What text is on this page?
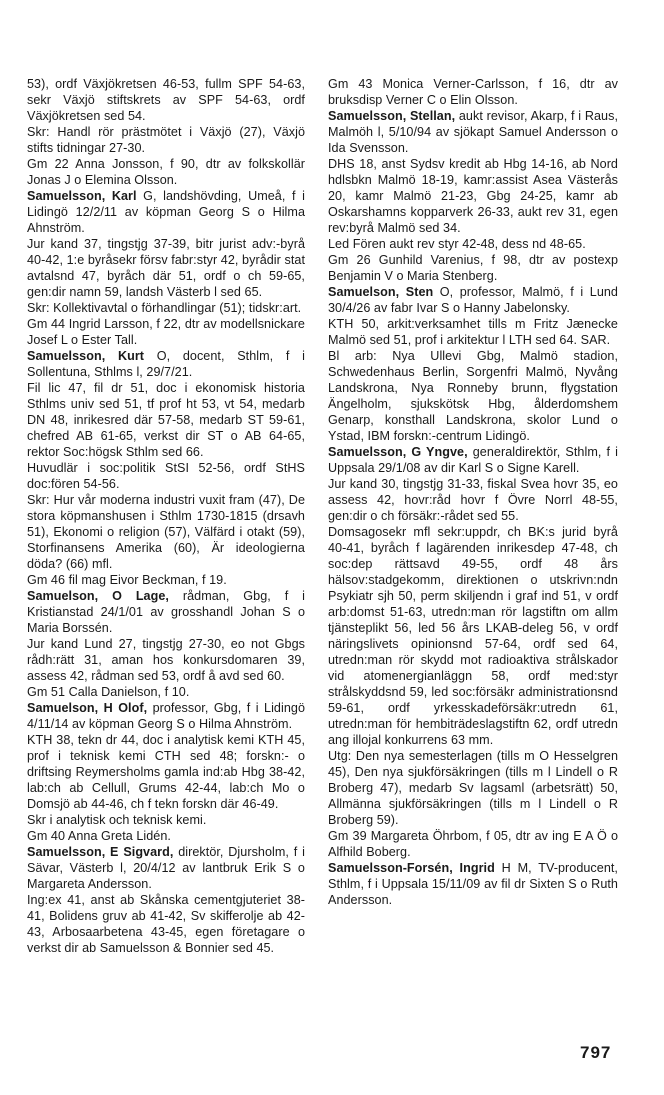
53), ordf Växjökretsen 46-53, fullm SPF 54-63, sekr Växjö stiftskrets av SPF 54-63, ordf Växjökretsen sed 54.

Skr: Handl rör prästmötet i Växjö (27), Växjö stifts tidningar 27-30.

Gm 22 Anna Jonsson, f 90, dtr av folkskollär Jonas J o Elemina Olsson.

Samuelsson, Karl G, landshövding, Umeå, f i Lidingö 12/2/11 av köpman Georg S o Hilma Ahnström.

Jur kand 37, tingstjg 37-39, bitr jurist adv:-byrå 40-42, 1:e byråsekr försv fabr:styr 42, byrådir stat avtalsnd 47, byråch där 51, ordf o ch 59-65, gen:dir namn 59, landsh Västerb l sed 65.

Skr: Kollektivavtal o förhandlingar (51); tidskr:art.

Gm 44 Ingrid Larsson, f 22, dtr av modellsnickare Josef L o Ester Tall.

Samuelsson, Kurt O, docent, Sthlm, f i Sollentuna, Sthlms l, 29/7/21.

Fil lic 47, fil dr 51, doc i ekonomisk historia Sthlms univ sed 51, tf prof ht 53, vt 54, medarb DN 48, inrikesred där 57-58, medarb ST 59-61, chefred AB 61-65, verkst dir ST o AB 64-65, rektor Soc:högsk Sthlm sed 66.

Huvudlär i soc:politik StSI 52-56, ordf StHS doc:fören 54-56.

Skr: Hur vår moderna industri vuxit fram (47), De stora köpmanshusen i Sthlm 1730-1815 (drsavh 51), Ekonomi o religion (57), Välfärd i otakt (59), Storfinansens Amerika (60), Är ideologierna döda? (66) mfl.

Gm 46 fil mag Eivor Beckman, f 19.

Samuelson, O Lage, rådman, Gbg, f i Kristianstad 24/1/01 av grosshandl Johan S o Maria Borssén.

Jur kand Lund 27, tingstjg 27-30, eo not Gbgs rådh:rätt 31, aman hos konkursdomaren 39, assess 42, rådman sed 53, ordf å avd sed 60.

Gm 51 Calla Danielson, f 10.

Samuelson, H Olof, professor, Gbg, f i Lidingö 4/11/14 av köpman Georg S o Hilma Ahnström.

KTH 38, tekn dr 44, doc i analytisk kemi KTH 45, prof i teknisk kemi CTH sed 48; forskn:- o driftsing Reymersholms gamla ind:ab Hbg 38-42, lab:ch ab Cellull, Grums 42-44, lab:ch Mo o Domsjö ab 44-46, ch f tekn forskn där 46-49.

Skr i analytisk och teknisk kemi.

Gm 40 Anna Greta Lidén.

Samuelsson, E Sigvard, direktör, Djursholm, f i Sävar, Västerb l, 20/4/12 av lantbruk Erik S o Margareta Andersson.

Ing:ex 41, anst ab Skånska cementgjuteriet 38-41, Bolidens gruv ab 41-42, Sv skifferolje ab 42-43, Arbosaarbetena 43-45, egen företagare o verkst dir ab Samuelsson & Bonnier sed 45.

Gm 43 Monica Verner-Carlsson, f 16, dtr av bruksdisp Verner C o Elin Olsson.

Samuelsson, Stellan, aukt revisor, Akarp, f i Raus, Malmöh l, 5/10/94 av sjökapt Samuel Andersson o Ida Svensson.

DHS 18, anst Sydsv kredit ab Hbg 14-16, ab Nord hdlsbkn Malmö 18-19, kamr:assist Asea Västerås 20, kamr Malmö 21-23, Gbg 24-25, kamr ab Oskarshamns kopparverk 26-33, aukt rev 31, egen rev:byrå Malmö sed 34.

Led Fören aukt rev styr 42-48, dess nd 48-65.

Gm 26 Gunhild Varenius, f 98, dtr av postexp Benjamin V o Maria Stenberg.

Samuelson, Sten O, professor, Malmö, f i Lund 30/4/26 av fabr Ivar S o Hanny Jabelonsky.

KTH 50, arkit:verksamhet tills m Fritz Jænecke Malmö sed 51, prof i arkitektur l LTH sed 64. SAR.

Bl arb: Nya Ullevi Gbg, Malmö stadion, Schwedenhaus Berlin, Sorgenfri Malmö, Nyvång Landskrona, Nya Ronneby brunn, flygstation Ängelholm, sjukskötsk Hbg, ålderdomshem Genarp, konsthall Landskrona, skolor Lund o Ystad, IBM forskn:-centrum Lidingö.

Samuelsson, G Yngve, generaldirektör, Sthlm, f i Uppsala 29/1/08 av dir Karl S o Signe Karell.

Jur kand 30, tingstjg 31-33, fiskal Svea hovr 35, eo assess 42, hovr:råd hovr f Övre Norrl 48-55, gen:dir o ch försäkr:-rådet sed 55.

Domsagosekr mfl sekr:uppdr, ch BK:s jurid byrå 40-41, byråch f lagärenden inrikesdep 47-48, ch soc:dep rättsavd 49-55, ordf 48 års hälsov:stadgekomm, direktionen o utskrivn:ndn Psykiatr sjh 50, perm skiljendn i graf ind 51, v ordf arb:domst 51-63, utredn:man rör lagstiftn om allm tjänsteplikt 56, led 56 års LKAB-deleg 56, v ordf näringslivets opinionsnd 57-64, ordf sed 64, utredn:man rör skydd mot radioaktiva strålskador vid atomenergianläggn 58, ordf med:styr strålskyddsnd 59, led soc:försäkr administrationsnd 59-61, ordf yrkesskadeförsäkr:utredn 61, utredn:man för hembiträdeslagstiftn 62, ordf utredn ang illojal konkurrens 63 mm.

Utg: Den nya semesterlagen (tills m O Hesselgren 45), Den nya sjukförsäkringen (tills m l Lindell o R Broberg 47), medarb Sv lagsaml (arbetsrätt) 50, Allmänna sjukförsäkringen (tills m l Lindell o R Broberg 59).

Gm 39 Margareta Öhrbom, f 05, dtr av ing E A Ö o Alfhild Boberg.

Samuelsson-Forsén, Ingrid H M, TV-producent, Sthlm, f i Uppsala 15/11/09 av fil dr Sixten S o Ruth Andersson.

797
